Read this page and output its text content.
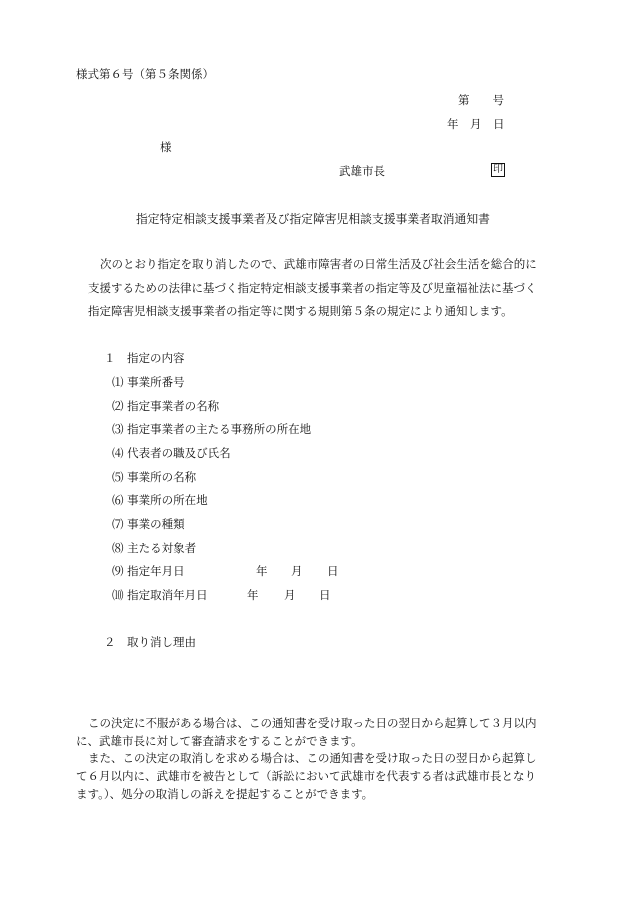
様式第６号（第５条関係）
第　　号
年　月　日
様
武雄市長	印
指定特定相談支援事業者及び指定障害児相談支援事業者取消通知書
次のとおり指定を取り消したので、武雄市障害者の日常生活及び社会生活を総合的に
支援するための法律に基づく指定特定相談支援事業者の指定等及び児童福祉法に基づく
指定障害児相談支援事業者の指定等に関する規則第５条の規定により通知します。
１　指定の内容
⑴ 事業所番号
⑵ 指定事業者の名称
⑶ 指定事業者の主たる事務所の所在地
⑷ 代表者の職及び氏名
⑸ 事業所の名称
⑹ 事業所の所在地
⑺ 事業の種類
⑻ 主たる対象者
⑼ 指定年月日	年 月 日
⑽ 指定取消年月日	年 月 日
２　取り消し理由
この決定に不服がある場合は、この通知書を受け取った日の翌日から起算して３月以内
に、武雄市長に対して審査請求をすることができます。
また、この決定の取消しを求める場合は、この通知書を受け取った日の翌日から起算し
て６月以内に、武雄市を被告として（訴訟において武雄市を代表する者は武雄市長となり
ます。）、処分の取消しの訴えを提起することができます。
